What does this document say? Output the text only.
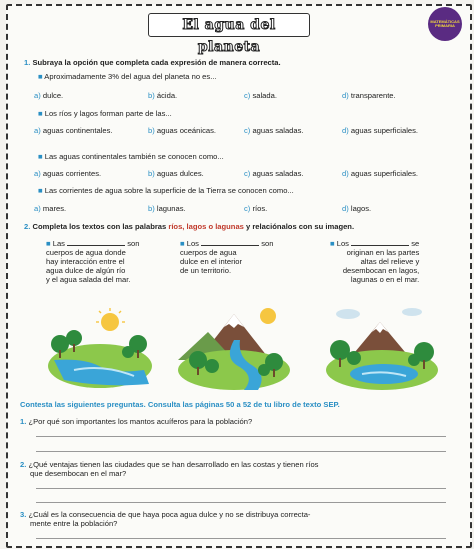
El agua del planeta
MATEMÁTICAS PRIMARIA
1. Subraya la opción que completa cada expresión de manera correcta.
■ Aproximadamente 3% del agua del planeta no es...
a) dulce.	b) ácida.	c) salada.	d) transparente.
■ Los ríos y lagos forman parte de las...
a) aguas continentales.	b) aguas oceánicas.	c) aguas saladas.	d) aguas superficiales.
■ Las aguas continentales también se conocen como...
a) aguas corrientes.	b) aguas dulces.	c) aguas saladas.	d) aguas superficiales.
■ Las corrientes de agua sobre la superficie de la Tierra se conocen como...
a) mares.	b) lagunas.	c) ríos.	d) lagos.
2. Completa los textos con las palabras ríos, lagos o lagunas y relaciónalos con su imagen.
■ Las	son
cuerpos de agua donde
hay interacción entre el
agua dulce de algún río
y el agua salada del mar.
■ Los	son
cuerpos de agua
dulce en el interior
de un territorio.
■ Los	se
originan en las partes
altas del relieve y
desembocan en lagos,
lagunas o en el mar.
Contesta las siguientes preguntas. Consulta las páginas 50 a 52 de tu libro de texto SEP.
1. ¿Por qué son importantes los mantos acuíferos para la población?
2. ¿Qué ventajas tienen las ciudades que se han desarrollado en las costas y tienen ríos
que desembocan en el mar?
3. ¿Cuál es la consecuencia de que haya poca agua dulce y no se distribuya correcta-
mente entre la población?
